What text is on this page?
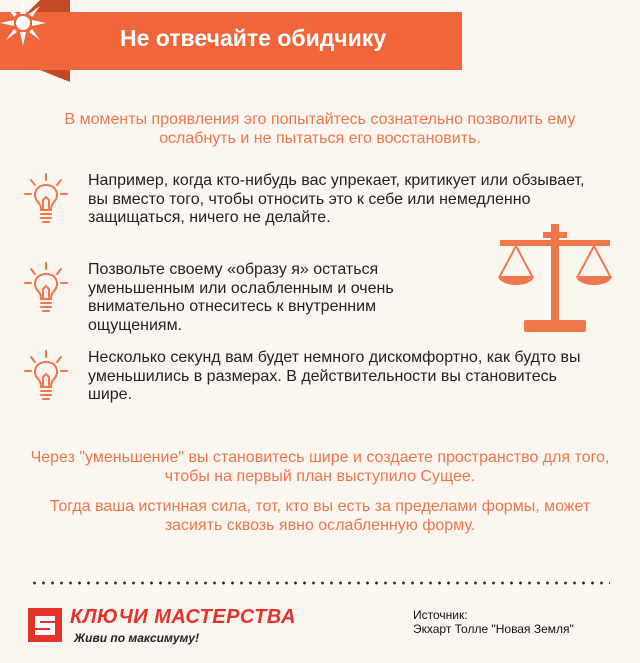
Не отвечайте обидчику
В моменты проявления эго попытайтесь сознательно позволить ему ослабнуть и не пытаться его восстановить.
Например, когда кто-нибудь вас упрекает, критикует или обзывает, вы вместо того, чтобы относить это к себе или немедленно защищаться, ничего не делайте.
Позвольте своему «образу я» остаться уменьшенным или ослабленным и очень внимательно отнеситесь к внутренним ощущениям.
Несколько секунд вам будет немного дискомфортно, как будто вы уменьшились в размерах. В действительности вы становитесь шире.
Через "уменьшение" вы становитесь шире и создаете пространство для того, чтобы на первый план выступило Сущее.
Тогда ваша истинная сила, тот, кто вы есть за пределами формы, может засиять сквозь явно ослабленную форму.
КЛЮЧИ МАСТЕРСТВА
Живи по максимуму!
Источник:
Экхарт Толле "Новая Земля"
